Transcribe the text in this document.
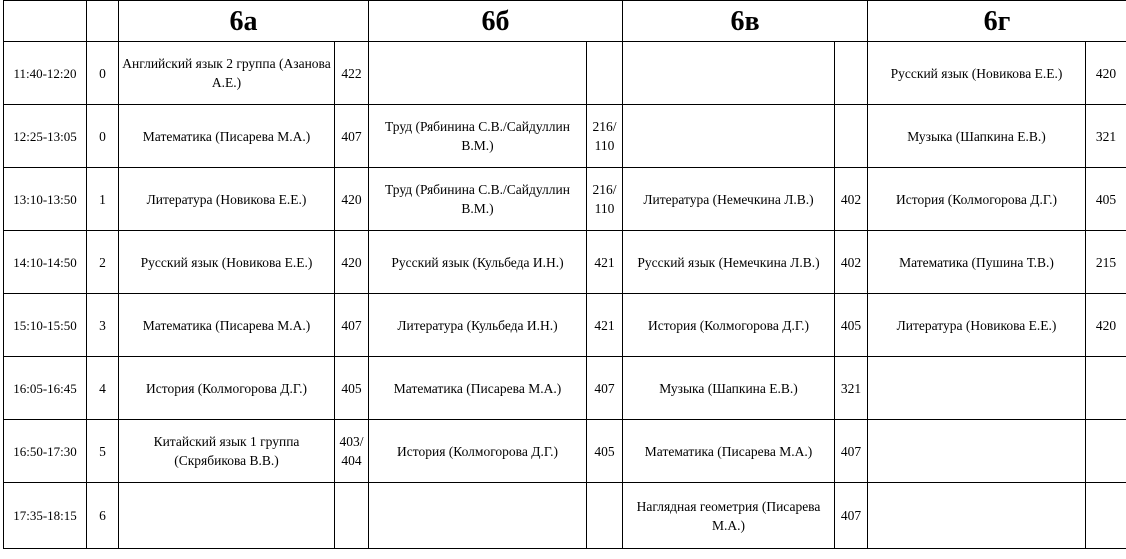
		6а		6б		6в		6г	
11:40-12:20	0	Английский язык 2 группа (Азанова А.Е.)	422					Русский язык (Новикова Е.Е.)	420
12:25-13:05	0	Математика (Писарева М.А.)	407	Труд (Рябинина С.В./Сайдуллин В.М.)	216/ 110			Музыка (Шапкина Е.В.)	321
13:10-13:50	1	Литература (Новикова Е.Е.)	420	Труд (Рябинина С.В./Сайдуллин В.М.)	216/ 110	Литература (Немечкина Л.В.)	402	История (Колмогорова Д.Г.)	405
14:10-14:50	2	Русский язык (Новикова Е.Е.)	420	Русский язык (Кульбеда И.Н.)	421	Русский язык (Немечкина Л.В.)	402	Математика (Пушина Т.В.)	215
15:10-15:50	3	Математика (Писарева М.А.)	407	Литература (Кульбеда И.Н.)	421	История (Колмогорова Д.Г.)	405	Литература (Новикова Е.Е.)	420
16:05-16:45	4	История (Колмогорова Д.Г.)	405	Математика (Писарева М.А.)	407	Музыка (Шапкина Е.В.)	321		
16:50-17:30	5	Китайский язык 1 группа (Скрябикова В.В.)	403/ 404	История (Колмогорова Д.Г.)	405	Математика (Писарева М.А.)	407		
17:35-18:15	6					Наглядная геометрия (Писарева М.А.)	407		
